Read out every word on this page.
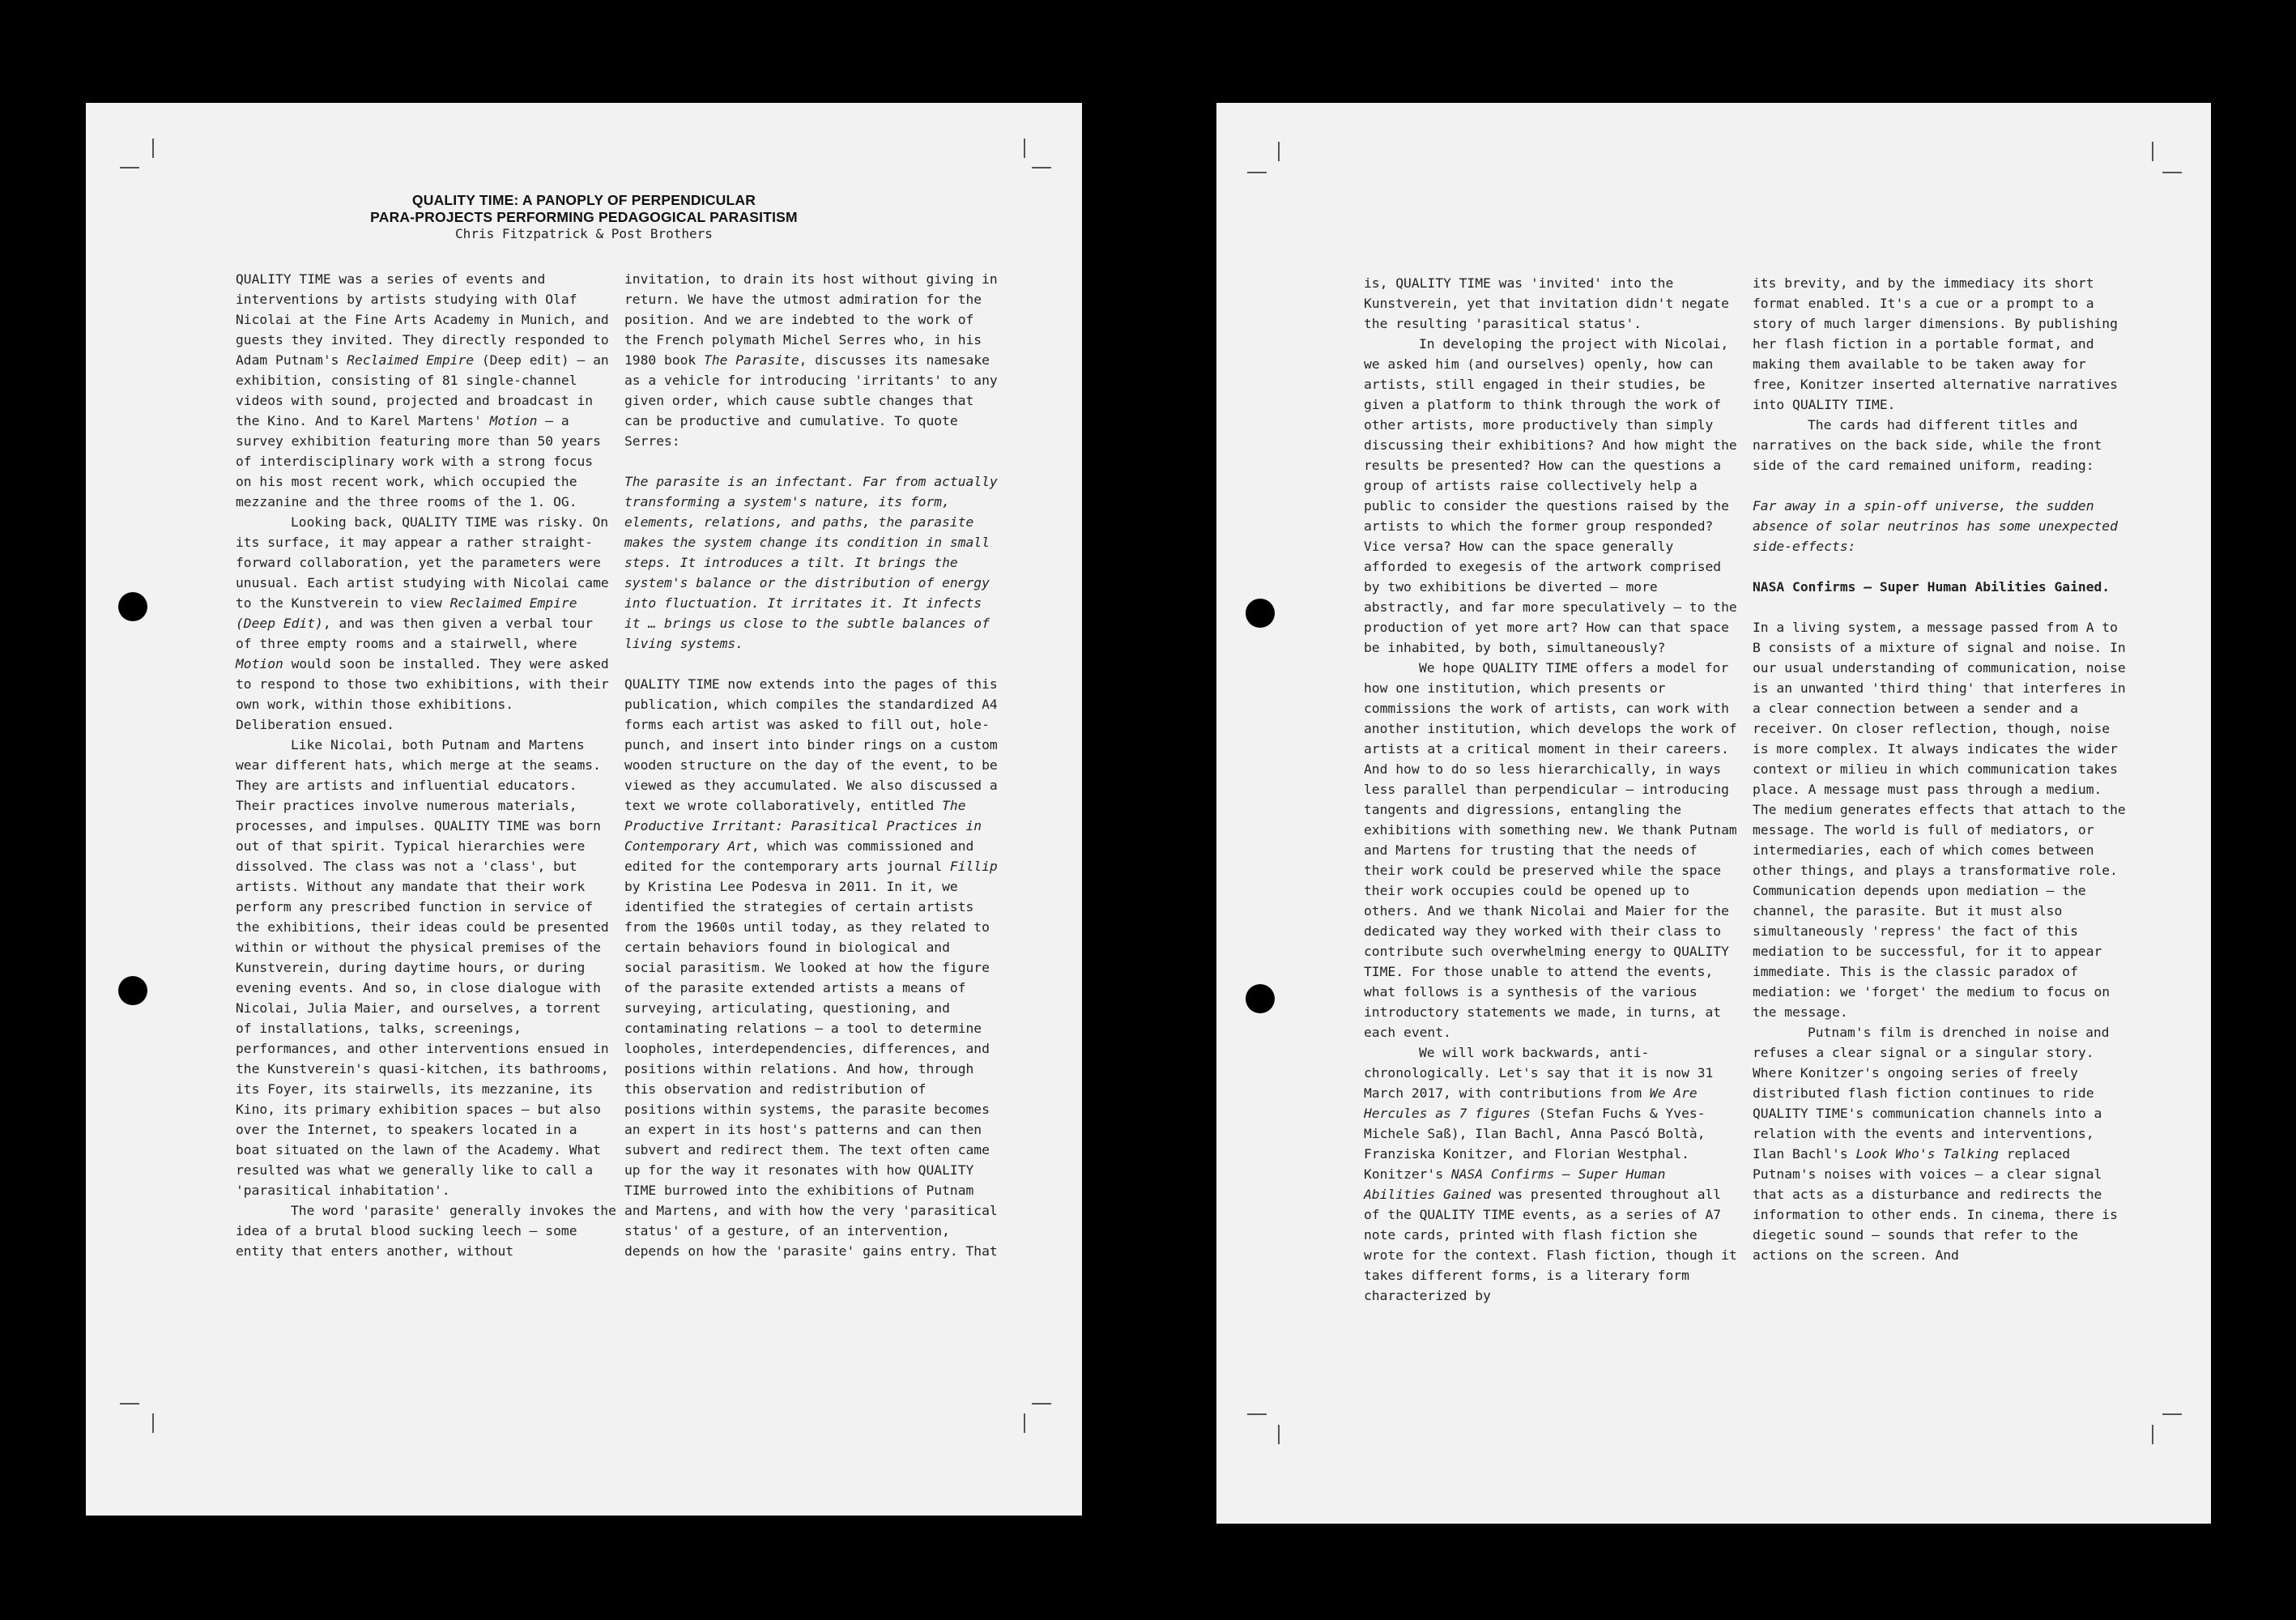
QUALITY TIME: A PANOPLY OF PERPENDICULAR
PARA-PROJECTS PERFORMING PEDAGOGICAL PARASITISM
Chris Fitzpatrick & Post Brothers

QUALITY TIME was a series of events and interventions by artists studying with Olaf Nicolai at the Fine Arts Academy in Munich, and guests they invited. They directly responded to Adam Putnam's Reclaimed Empire (Deep edit) – an exhibition, consisting of 81 single-channel videos with sound, projected and broadcast in the Kino. And to Karel Martens' Motion – a survey exhibition featuring more than 50 years of interdisciplinary work with a strong focus on his most recent work, which occupied the mezzanine and the three rooms of the 1. OG.

Looking back, QUALITY TIME was risky. On its surface, it may appear a rather straight-forward collaboration, yet the parameters were unusual. Each artist studying with Nicolai came to the Kunstverein to view Reclaimed Empire (Deep Edit), and was then given a verbal tour of three empty rooms and a stairwell, where Motion would soon be installed. They were asked to respond to those two exhibitions, with their own work, within those exhibitions. Deliberation ensued.

Like Nicolai, both Putnam and Martens wear different hats, which merge at the seams. They are artists and influential educators. Their practices involve numerous materials, processes, and impulses. QUALITY TIME was born out of that spirit. Typical hierarchies were dissolved. The class was not a 'class', but artists. Without any mandate that their work perform any prescribed function in service of the exhibitions, their ideas could be presented within or without the physical premises of the Kunstverein, during daytime hours, or during evening events. And so, in close dialogue with Nicolai, Julia Maier, and ourselves, a torrent of installations, talks, screenings, performances, and other interventions ensued in the Kunstverein's quasi-kitchen, its bathrooms, its Foyer, its stairwells, its mezzanine, its Kino, its primary exhibition spaces – but also over the Internet, to speakers located in a boat situated on the lawn of the Academy. What resulted was what we generally like to call a 'parasitical inhabitation'.

The word 'parasite' generally invokes the idea of a brutal blood sucking leech – some entity that enters another, without

invitation, to drain its host without giving in return. We have the utmost admiration for the position. And we are indebted to the work of the French polymath Michel Serres who, in his 1980 book The Parasite, discusses its namesake as a vehicle for introducing 'irritants' to any given order, which cause subtle changes that can be productive and cumulative. To quote Serres:

The parasite is an infectant. Far from actually transforming a system's nature, its form, elements, relations, and paths, the parasite makes the system change its condition in small steps. It introduces a tilt. It brings the system's balance or the distribution of energy into fluctuation. It irritates it. It infects it … brings us close to the subtle balances of living systems.

QUALITY TIME now extends into the pages of this publication, which compiles the standardized A4 forms each artist was asked to fill out, hole-punch, and insert into binder rings on a custom wooden structure on the day of the event, to be viewed as they accumulated. We also discussed a text we wrote collaboratively, entitled The Productive Irritant: Parasitical Practices in Contemporary Art, which was commissioned and edited for the contemporary arts journal Fillip by Kristina Lee Podesva in 2011. In it, we identified the strategies of certain artists from the 1960s until today, as they related to certain behaviors found in biological and social parasitism. We looked at how the figure of the parasite extended artists a means of surveying, articulating, questioning, and contaminating relations – a tool to determine loopholes, interdependencies, differences, and positions within relations. And how, through this observation and redistribution of positions within systems, the parasite becomes an expert in its host's patterns and can then subvert and redirect them. The text often came up for the way it resonates with how QUALITY TIME burrowed into the exhibitions of Putnam and Martens, and with how the very 'parasitical status' of a gesture, of an intervention, depends on how the 'parasite' gains entry. That

is, QUALITY TIME was 'invited' into the Kunstverein, yet that invitation didn't negate the resulting 'parasitical status'.

In developing the project with Nicolai, we asked him (and ourselves) openly, how can artists, still engaged in their studies, be given a platform to think through the work of other artists, more productively than simply discussing their exhibitions? And how might the results be presented? How can the questions a group of artists raise collectively help a public to consider the questions raised by the artists to which the former group responded? Vice versa? How can the space generally afforded to exegesis of the artwork comprised by two exhibitions be diverted – more abstractly, and far more speculatively – to the production of yet more art? How can that space be inhabited, by both, simultaneously?

We hope QUALITY TIME offers a model for how one institution, which presents or commissions the work of artists, can work with another institution, which develops the work of artists at a critical moment in their careers. And how to do so less hierarchically, in ways less parallel than perpendicular – introducing tangents and digressions, entangling the exhibitions with something new. We thank Putnam and Martens for trusting that the needs of their work could be preserved while the space their work occupies could be opened up to others. And we thank Nicolai and Maier for the dedicated way they worked with their class to contribute such overwhelming energy to QUALITY TIME. For those unable to attend the events, what follows is a synthesis of the various introductory statements we made, in turns, at each event.

We will work backwards, anti-chronologically. Let's say that it is now 31 March 2017, with contributions from We Are Hercules as 7 figures (Stefan Fuchs & Yves-Michele Saß), Ilan Bachl, Anna Pascó Boltà, Franziska Konitzer, and Florian Westphal. Konitzer's NASA Confirms – Super Human Abilities Gained was presented throughout all of the QUALITY TIME events, as a series of A7 note cards, printed with flash fiction she wrote for the context. Flash fiction, though it takes different forms, is a literary form characterized by

its brevity, and by the immediacy its short format enabled. It's a cue or a prompt to a story of much larger dimensions. By publishing her flash fiction in a portable format, and making them available to be taken away for free, Konitzer inserted alternative narratives into QUALITY TIME.

The cards had different titles and narratives on the back side, while the front side of the card remained uniform, reading:

Far away in a spin-off universe, the sudden absence of solar neutrinos has some unexpected side-effects:

NASA Confirms – Super Human Abilities Gained.

In a living system, a message passed from A to B consists of a mixture of signal and noise. In our usual understanding of communication, noise is an unwanted 'third thing' that interferes in a clear connection between a sender and a receiver. On closer reflection, though, noise is more complex. It always indicates the wider context or milieu in which communication takes place. A message must pass through a medium. The medium generates effects that attach to the message. The world is full of mediators, or intermediaries, each of which comes between other things, and plays a transformative role. Communication depends upon mediation – the channel, the parasite. But it must also simultaneously 'repress' the fact of this mediation to be successful, for it to appear immediate. This is the classic paradox of mediation: we 'forget' the medium to focus on the message.

Putnam's film is drenched in noise and refuses a clear signal or a singular story. Where Konitzer's ongoing series of freely distributed flash fiction continues to ride QUALITY TIME's communication channels into a relation with the events and interventions, Ilan Bachl's Look Who's Talking replaced Putnam's noises with voices – a clear signal that acts as a disturbance and redirects the information to other ends. In cinema, there is diegetic sound – sounds that refer to the actions on the screen. And
